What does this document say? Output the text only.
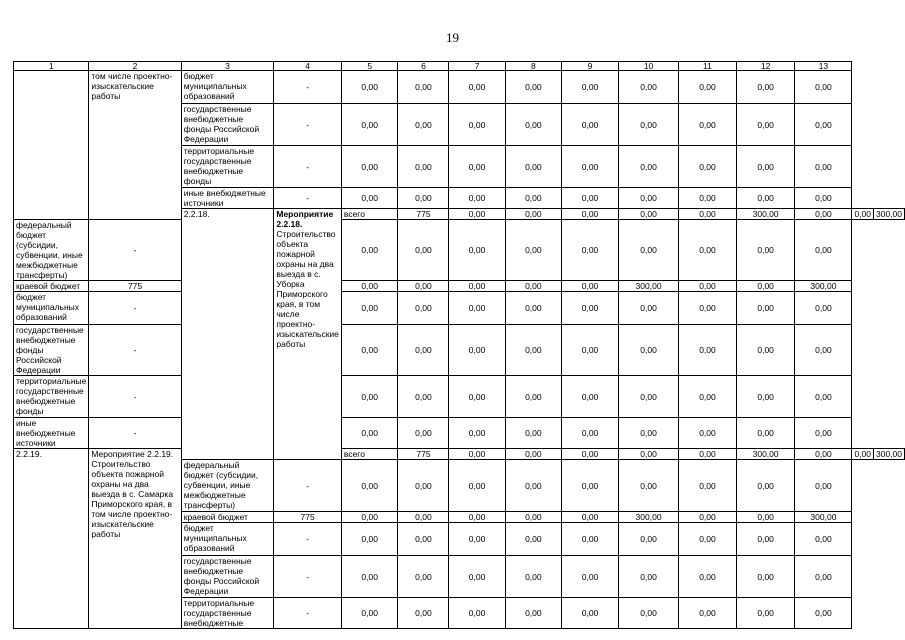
19
1	2	3	4	5	6	7	8	9	10	11	12	13		
	том числе проектно-изыскательские работы	бюджет муниципальных образований	-	0,00	0,00	0,00	0,00	0,00	0,00	0,00	0,00	0,00		
		государственные внебюджетные фонды Российской Федерации	-	0,00	0,00	0,00	0,00	0,00	0,00	0,00	0,00	0,00		
		территориальные государственные внебюджетные фонды	-	0,00	0,00	0,00	0,00	0,00	0,00	0,00	0,00	0,00		
		иные внебюджетные источники	-	0,00	0,00	0,00	0,00	0,00	0,00	0,00	0,00	0,00		
		2.2.18.	Мероприятие 2.2.18. Строительство объекта пожарной охраны на два выезда в с. Уборка Приморского края, в том числе проектно-изыскательские работы	всего	775	0,00	0,00	0,00	0,00	0,00	300,00	0,00	0,00	300,00
федеральный бюджет (субсидии, субвенции, иные межбюджетные трансферты)	-			0,00	0,00	0,00	0,00	0,00	0,00	0,00	0,00	0,00		
краевой бюджет	775			0,00	0,00	0,00	0,00	0,00	300,00	0,00	0,00	300,00		
бюджет муниципальных образований	-			0,00	0,00	0,00	0,00	0,00	0,00	0,00	0,00	0,00		
государственные внебюджетные фонды Российской Федерации	-			0,00	0,00	0,00	0,00	0,00	0,00	0,00	0,00	0,00		
территориальные государственные внебюджетные фонды	-			0,00	0,00	0,00	0,00	0,00	0,00	0,00	0,00	0,00		
иные внебюджетные источники	-			0,00	0,00	0,00	0,00	0,00	0,00	0,00	0,00	0,00		
2.2.19.	Мероприятие 2.2.19. Строительство объекта пожарной охраны на два выезда в с. Самарка Приморского края, в том числе проектно-изыскательские работы			всего	775	0,00	0,00	0,00	0,00	0,00	300,00	0,00	0,00	300,00
		федеральный бюджет (субсидии, субвенции, иные межбюджетные трансферты)	-	0,00	0,00	0,00	0,00	0,00	0,00	0,00	0,00	0,00		
		краевой бюджет	775	0,00	0,00	0,00	0,00	0,00	300,00	0,00	0,00	300,00		
		бюджет муниципальных образований	-	0,00	0,00	0,00	0,00	0,00	0,00	0,00	0,00	0,00		
		государственные внебюджетные фонды Российской Федерации	-	0,00	0,00	0,00	0,00	0,00	0,00	0,00	0,00	0,00		
		территориальные государственные внебюджетные	-	0,00	0,00	0,00	0,00	0,00	0,00	0,00	0,00	0,00		
